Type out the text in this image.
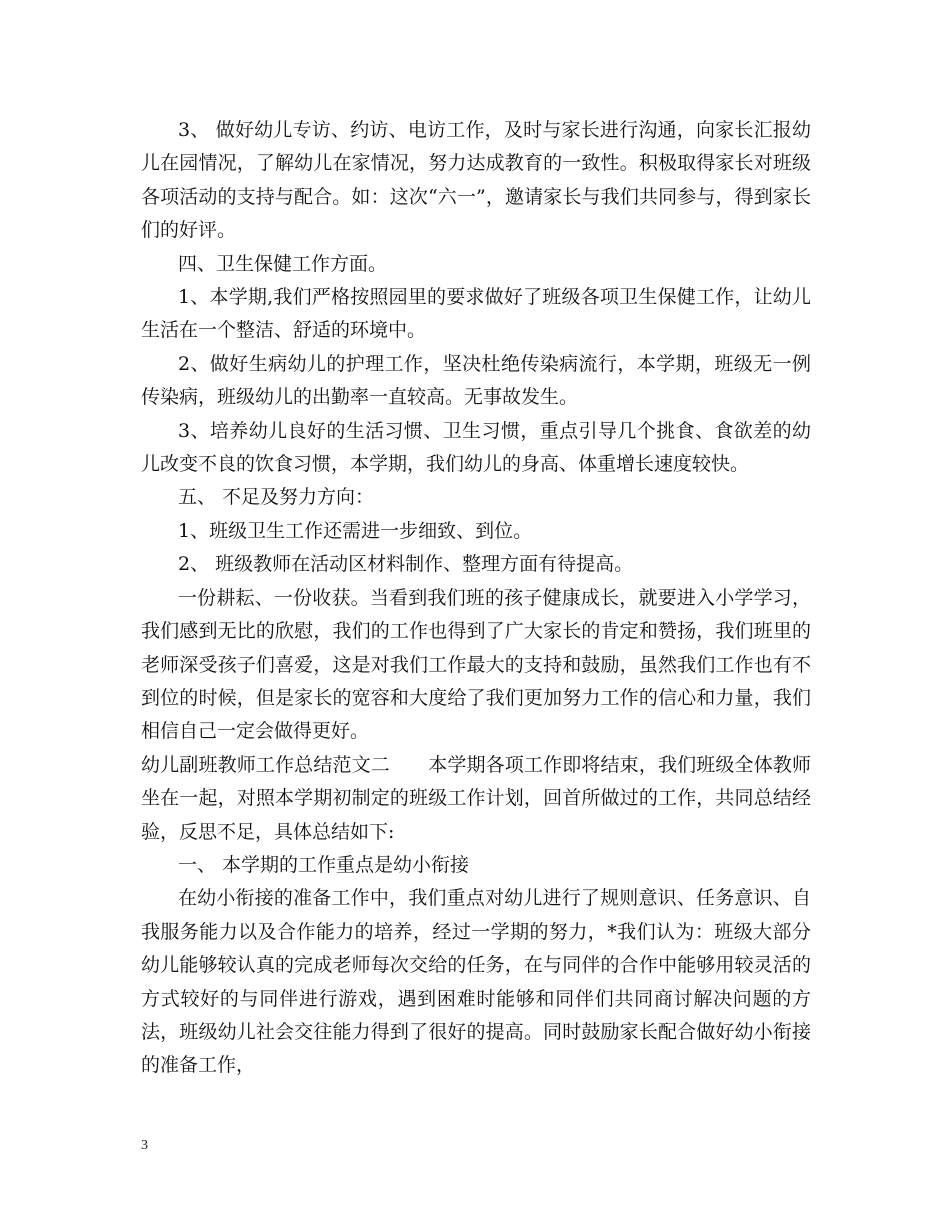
3、 做好幼儿专访、约访、电访工作，及时与家长进行沟通，向家长汇报幼儿在园情况，了解幼儿在家情况，努力达成教育的一致性。积极取得家长对班级各项活动的支持与配合。如：这次“六一”，邀请家长与我们共同参与，得到家长们的好评。

四、卫生保健工作方面。

1、本学期,我们严格按照园里的要求做好了班级各项卫生保健工作，让幼儿生活在一个整洁、舒适的环境中。

2、做好生病幼儿的护理工作，坚决杜绝传染病流行，本学期，班级无一例传染病，班级幼儿的出勤率一直较高。无事故发生。

3、培养幼儿良好的生活习惯、卫生习惯，重点引导几个挑食、食欲差的幼儿改变不良的饮食习惯，本学期，我们幼儿的身高、体重增长速度较快。

五、 不足及努力方向：

1、班级卫生工作还需进一步细致、到位。

2、 班级教师在活动区材料制作、整理方面有待提高。

一份耕耘、一份收获。当看到我们班的孩子健康成长，就要进入小学学习，我们感到无比的欣慰，我们的工作也得到了广大家长的肯定和赞扬，我们班里的老师深受孩子们喜爱，这是对我们工作最大的支持和鼓励，虽然我们工作也有不到位的时候，但是家长的宽容和大度给了我们更加努力工作的信心和力量，我们相信自己一定会做得更好。

幼儿副班教师工作总结范文二　　本学期各项工作即将结束，我们班级全体教师坐在一起，对照本学期初制定的班级工作计划，回首所做过的工作，共同总结经验，反思不足，具体总结如下:

一、 本学期的工作重点是幼小衔接

在幼小衔接的准备工作中，我们重点对幼儿进行了规则意识、任务意识、自我服务能力以及合作能力的培养，经过一学期的努力，*我们认为：班级大部分幼儿能够较认真的完成老师每次交给的任务，在与同伴的合作中能够用较灵活的方式较好的与同伴进行游戏，遇到困难时能够和同伴们共同商讨解决问题的方法，班级幼儿社会交往能力得到了很好的提高。同时鼓励家长配合做好幼小衔接的准备工作，

3
